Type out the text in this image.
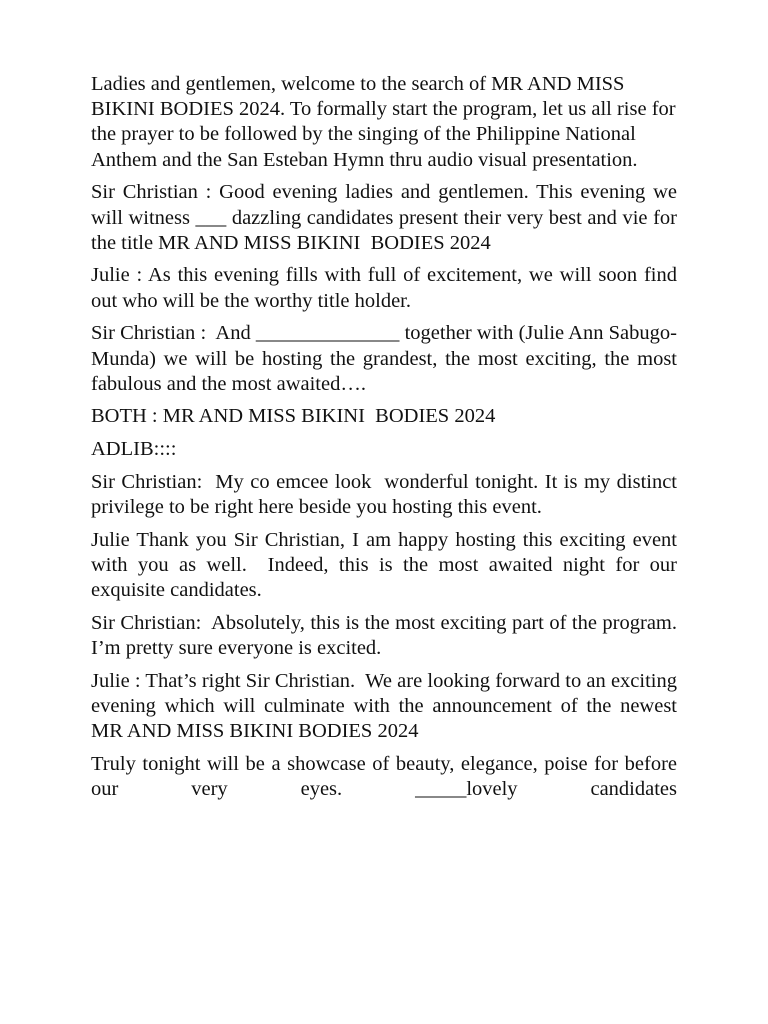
Ladies and gentlemen, welcome to the search of MR AND MISS BIKINI BODIES 2024. To formally start the program, let us all rise for the prayer to be followed by the singing of the Philippine National Anthem and the San Esteban Hymn thru audio visual presentation.

Sir Christian : Good evening ladies and gentlemen. This evening we will witness ___ dazzling candidates present their very best and vie for the title MR AND MISS BIKINI  BODIES 2024

Julie : As this evening fills with full of excitement, we will soon find out who will be the worthy title holder.

Sir Christian :  And ______________ together with (Julie Ann Sabugo- Munda) we will be hosting the grandest, the most exciting, the most fabulous and the most awaited….

BOTH : MR AND MISS BIKINI  BODIES 2024

ADLIB::::

Sir Christian:  My co emcee look  wonderful tonight. It is my distinct privilege to be right here beside you hosting this event.

Julie Thank you Sir Christian, I am happy hosting this exciting event with you as well.  Indeed, this is the most awaited night for our exquisite candidates.

Sir Christian:  Absolutely, this is the most exciting part of the program. I’m pretty sure everyone is excited.

Julie : That’s right Sir Christian.  We are looking forward to an exciting evening which will culminate with the announcement of the newest MR AND MISS BIKINI BODIES 2024

Truly tonight will be a showcase of beauty, elegance, poise for before our very eyes. _____lovely candidates
